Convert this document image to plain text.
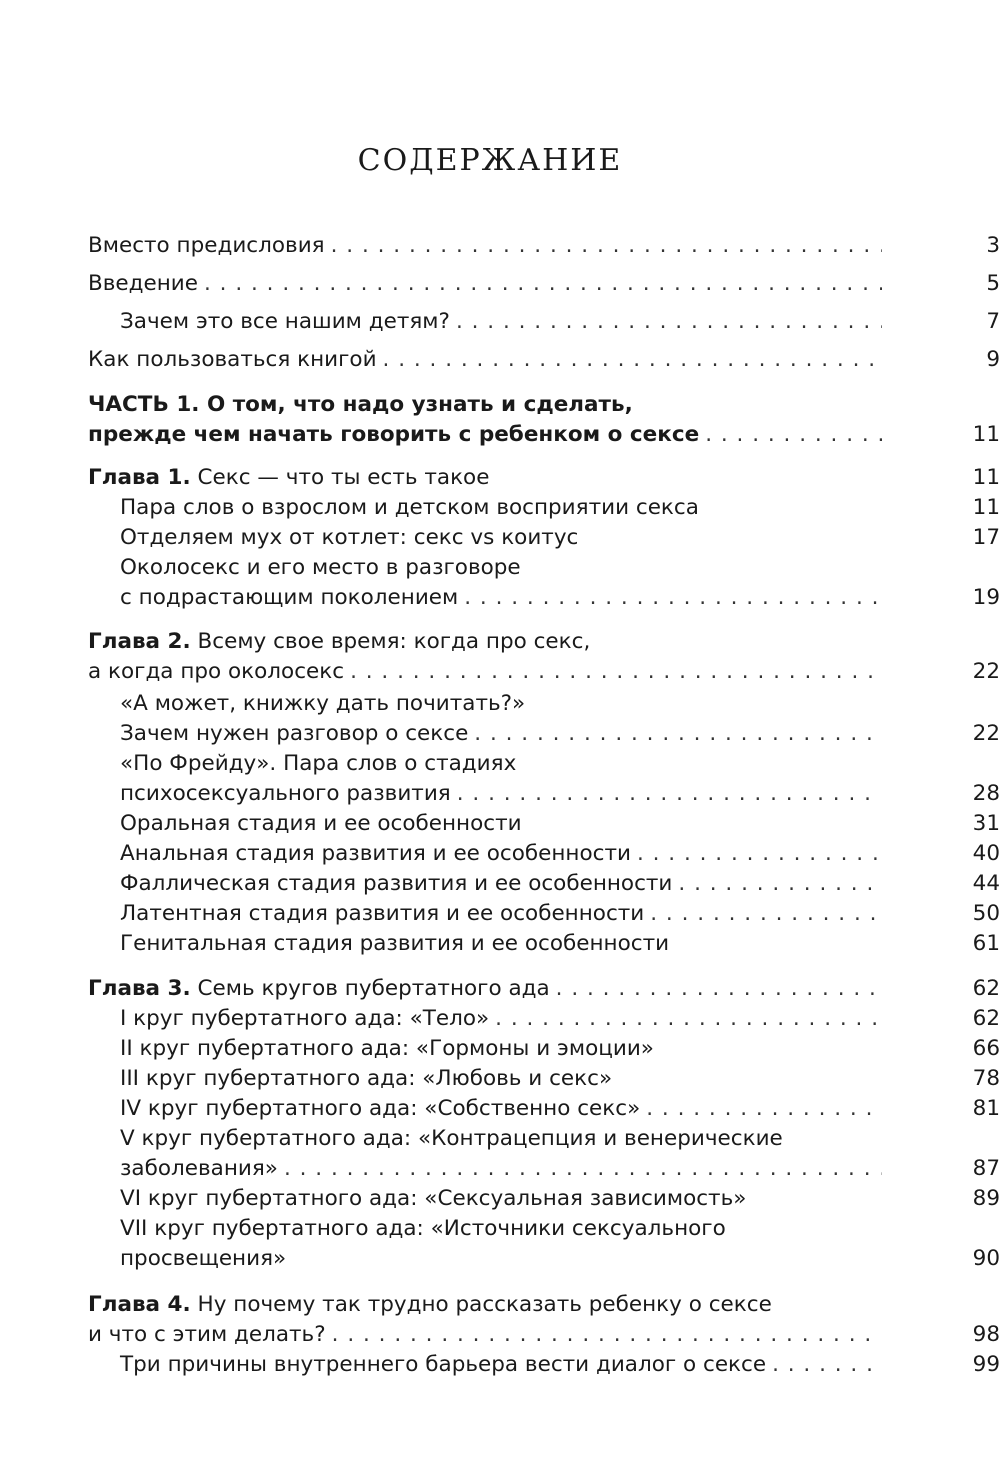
СОДЕРЖАНИЕ
Вместо предисловия . . .	3
Введение . . .	5
Зачем это все нашим детям? . . .	7
Как пользоваться книгой . . .	9
ЧАСТЬ 1. О том, что надо узнать и сделать,
прежде чем начать говорить с ребенком о сексе . . .	11
Глава 1. Секс — что ты есть такое	11
Пара слов о взрослом и детском восприятии секса	11
Отделяем мух от котлет: секс vs коитус	17
Околосекс и его место в разговоре
с подрастающим поколением . . .	19
Глава 2. Всему свое время: когда про секс,
а когда про околосекс . . .	22
«А может, книжку дать почитать?»
Зачем нужен разговор о сексе . . .	22
«По Фрейду». Пара слов о стадиях
психосексуального развития . . .	28
Оральная стадия и ее особенности	31
Анальная стадия развития и ее особенности . . .	40
Фаллическая стадия развития и ее особенности . . .	44
Латентная стадия развития и ее особенности . . .	50
Генитальная стадия развития и ее особенности	61
Глава 3. Семь кругов пубертатного ада . . .	62
I круг пубертатного ада: «Тело» . . .	62
II круг пубертатного ада: «Гормоны и эмоции»	66
III круг пубертатного ада: «Любовь и секс»	78
IV круг пубертатного ада: «Собственно секс» . . .	81
V круг пубертатного ада: «Контрацепция и венерические
заболевания» . . .	87
VI круг пубертатного ада: «Сексуальная зависимость»	89
VII круг пубертатного ада: «Источники сексуального
просвещения»	90
Глава 4. Ну почему так трудно рассказать ребенку о сексе
и что с этим делать? . . .	98
Три причины внутреннего барьера вести диалог о сексе . . .	99
